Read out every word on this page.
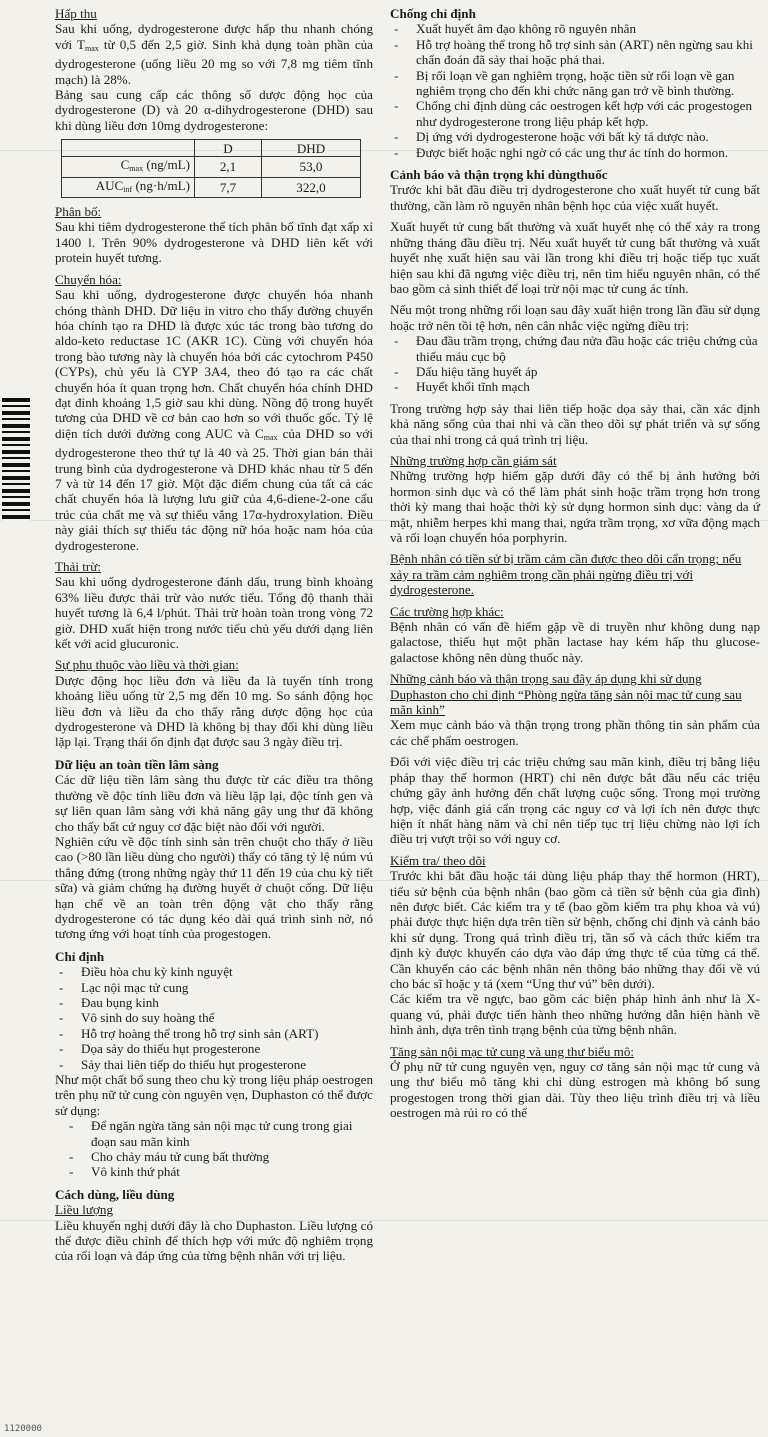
Hấp thu

Sau khi uống, dydrogesterone được hấp thu nhanh chóng với Tmax từ 0,5 đến 2,5 giờ. Sinh khả dụng toàn phần của dydrogesterone (uống liều 20 mg so với 7,8 mg tiêm tĩnh mạch) là 28%.

Bảng sau cung cấp các thông số dược động học của dydrogesterone (D) và 20 α-dihydrogesterone (DHD) sau khi dùng liều đơn 10mg dydrogesterone:

	D	DHD
Cmax (ng/mL)	2,1	53,0
AUCinf (ng·h/mL)	7,7	322,0
Phân bố:

Sau khi tiêm dydrogesterone thể tích phân bố tĩnh đạt xấp xỉ 1400 l. Trên 90% dydrogesterone và DHD liên kết với protein huyết tương.

Chuyển hóa:

Sau khi uống, dydrogesterone được chuyển hóa nhanh chóng thành DHD. Dữ liệu in vitro cho thấy đường chuyển hóa chính tạo ra DHD là được xúc tác trong bào tương do aldo-keto reductase 1C (AKR 1C). Cùng với chuyển hóa trong bào tương này là chuyển hóa bởi các cytochrom P450 (CYPs), chủ yếu là CYP 3A4, theo đó tạo ra các chất chuyển hóa ít quan trọng hơn. Chất chuyển hóa chính DHD đạt đỉnh khoảng 1,5 giờ sau khi dùng. Nồng độ trong huyết tương của DHD về cơ bản cao hơn so với thuốc gốc. Tỷ lệ diện tích dưới đường cong AUC và Cmax của DHD so với dydrogesterone theo thứ tự là 40 và 25. Thời gian bán thải trung bình của dydrogesterone và DHD khác nhau từ 5 đến 7 và từ 14 đến 17 giờ. Một đặc điểm chung của tất cả các chất chuyển hóa là lượng lưu giữ của 4,6-diene-2-one cấu trúc của chất mẹ và sự thiếu vắng 17α-hydroxylation. Điều này giải thích sự thiếu tác động nữ hóa hoặc nam hóa của dydrogesterone.

Thải trừ:

Sau khi uống dydrogesterone đánh dấu, trung bình khoảng 63% liều được thải trừ vào nước tiểu. Tổng độ thanh thải huyết tương là 6,4 l/phút. Thải trừ hoàn toàn trong vòng 72 giờ. DHD xuất hiện trong nước tiểu chủ yếu dưới dạng liên kết với acid glucuronic.

Sự phụ thuộc vào liều và thời gian:

Dược động học liều đơn và liều đa là tuyến tính trong khoảng liều uống từ 2,5 mg đến 10 mg. So sánh động học liều đơn và liều đa cho thấy rằng dược động học của dydrogesterone và DHD là không bị thay đổi khi dùng liều lặp lại. Trạng thái ổn định đạt được sau 3 ngày điều trị.

Dữ liệu an toàn tiền lâm sàng

Các dữ liệu tiền lâm sàng thu được từ các điều tra thông thường về độc tính liều đơn và liều lặp lại, độc tính gen và sự liên quan lâm sàng với khả năng gây ung thư đã không cho thấy bất cứ nguy cơ đặc biệt nào đối với người.

Nghiên cứu về độc tính sinh sản trên chuột cho thấy ở liều cao (>80 lần liều dùng cho người) thấy có tăng tỷ lệ núm vú thẳng đứng (trong những ngày thứ 11 đến 19 của chu kỳ tiết sữa) và giảm chứng hạ đường huyết ở chuột cống. Dữ liệu hạn chế về an toàn trên động vật cho thấy rằng dydrogesterone có tác dụng kéo dài quá trình sinh nở, nó tương ứng với hoạt tính của progestogen.

Chỉ định
- Điều hòa chu kỳ kinh nguyệt
- Lạc nội mạc tử cung
- Đau bụng kinh
- Vô sinh do suy hoàng thể
- Hỗ trợ hoàng thể trong hỗ trợ sinh sản (ART)
- Dọa sảy do thiếu hụt progesterone
- Sảy thai liên tiếp do thiếu hụt progesterone

Như một chất bổ sung theo chu kỳ trong liệu pháp oestrogen trên phụ nữ tử cung còn nguyên vẹn, Duphaston có thể được sử dụng:

- Để ngăn ngừa tăng sản nội mạc tử cung trong giai đoạn sau mãn kinh
- Cho chảy máu tử cung bất thường
- Vô kinh thứ phát
Cách dùng, liều dùng
Liều lượng

Liều khuyến nghị dưới đây là cho Duphaston. Liều lượng có thể được điều chỉnh để thích hợp với mức độ nghiêm trọng của rối loạn và đáp ứng của từng bệnh nhân với trị liệu.

Chống chỉ định
- Xuất huyết âm đạo không rõ nguyên nhân
- Hỗ trợ hoàng thể trong hỗ trợ sinh sản (ART) nên ngừng sau khi chẩn đoán đã sảy thai hoặc phá thai.
- Bị rối loạn về gan nghiêm trọng, hoặc tiền sử rối loạn về gan nghiêm trọng cho đến khi chức năng gan trở về bình thường.
- Chống chỉ định dùng các oestrogen kết hợp với các progestogen như dydrogesterone trong liệu pháp kết hợp.
- Dị ứng với dydrogesterone hoặc với bất kỳ tá dược nào.
- Được biết hoặc nghi ngờ có các ung thư ác tính do hormon.
Cảnh báo và thận trọng khi dùngthuốc

Trước khi bắt đầu điều trị dydrogesterone cho xuất huyết tử cung bất thường, cần làm rõ nguyên nhân bệnh học của việc xuất huyết.

Xuất huyết tử cung bất thường và xuất huyết nhẹ có thể xảy ra trong những tháng đầu điều trị. Nếu xuất huyết tử cung bất thường và xuất huyết nhẹ xuất hiện sau vài lần trong khi điều trị hoặc tiếp tục xuất hiện sau khi đã ngưng việc điều trị, nên tìm hiểu nguyên nhân, có thể bao gồm cả sinh thiết để loại trừ nội mạc tử cung ác tính.

Nếu một trong những rối loạn sau đây xuất hiện trong lần đầu sử dụng hoặc trở nên tồi tệ hơn, nên cân nhắc việc ngừng điều trị:

- Đau đầu trầm trọng, chứng đau nửa đầu hoặc các triệu chứng của thiếu máu cục bộ
- Dấu hiệu tăng huyết áp
- Huyết khối tĩnh mạch

Trong trường hợp sảy thai liên tiếp hoặc dọa sảy thai, cần xác định khả năng sống của thai nhi và cần theo dõi sự phát triển và sự sống của thai nhi trong cả quá trình trị liệu.

Những trường hợp cần giám sát

Những trường hợp hiếm gặp dưới đây có thể bị ảnh hưởng bởi hormon sinh dục và có thể làm phát sinh hoặc trầm trọng hơn trong thời kỳ mang thai hoặc thời kỳ sử dụng hormon sinh dục: vàng da ứ mật, nhiễm herpes khi mang thai, ngứa trầm trọng, xơ vữa động mạch và rối loạn chuyển hóa porphyrin.

Bệnh nhân có tiền sử bị trầm cảm cần được theo dõi cẩn trọng; nếu xảy ra trầm cảm nghiêm trọng cần phải ngừng điều trị với dydrogesterone.
Các trường hợp khác:

Bệnh nhân có vấn đề hiếm gặp về di truyền như không dung nạp galactose, thiếu hụt một phần lactase hay kém hấp thu glucose-galactose không nên dùng thuốc này.

Những cảnh báo và thận trọng sau đây áp dụng khi sử dụng Duphaston cho chỉ định “Phòng ngừa tăng sản nội mạc tử cung sau mãn kinh”

Xem mục cảnh báo và thận trọng trong phần thông tin sản phẩm của các chế phẩm oestrogen.

Đối với việc điều trị các triệu chứng sau mãn kinh, điều trị bằng liệu pháp thay thế hormon (HRT) chỉ nên được bắt đầu nếu các triệu chứng gây ảnh hưởng đến chất lượng cuộc sống. Trong mọi trường hợp, việc đánh giá cẩn trọng các nguy cơ và lợi ích nên được thực hiện ít nhất hàng năm và chỉ nên tiếp tục trị liệu chừng nào lợi ích điều trị vượt trội so với nguy cơ.

Kiểm tra/ theo dõi

Trước khi bắt đầu hoặc tái dùng liệu pháp thay thế hormon (HRT), tiểu sử bệnh của bệnh nhân (bao gồm cả tiền sử bệnh của gia đình) nên được biết. Các kiểm tra y tế (bao gồm kiểm tra phụ khoa và vú) phải được thực hiện dựa trên tiền sử bệnh, chống chỉ định và cảnh báo khi sử dụng. Trong quá trình điều trị, tần số và cách thức kiểm tra định kỳ được khuyến cáo dựa vào đáp ứng thực tế của từng cá thể. Cần khuyến cáo các bệnh nhân nên thông báo những thay đổi về vú cho bác sĩ hoặc y tá (xem “Ung thư vú” bên dưới).

Các kiểm tra về ngực, bao gồm các biện pháp hình ảnh như là X-quang vú, phải được tiến hành theo những hướng dẫn hiện hành về hình ảnh, dựa trên tình trạng bệnh của từng bệnh nhân.

Tăng sản nội mạc tử cung và ung thư biểu mô:

Ở phụ nữ tử cung nguyên vẹn, nguy cơ tăng sản nội mạc tử cung và ung thư biểu mô tăng khi chỉ dùng estrogen mà không bổ sung progestogen trong thời gian dài. Tùy theo liệu trình điều trị và liều oestrogen mà rủi ro có thể

1120000
